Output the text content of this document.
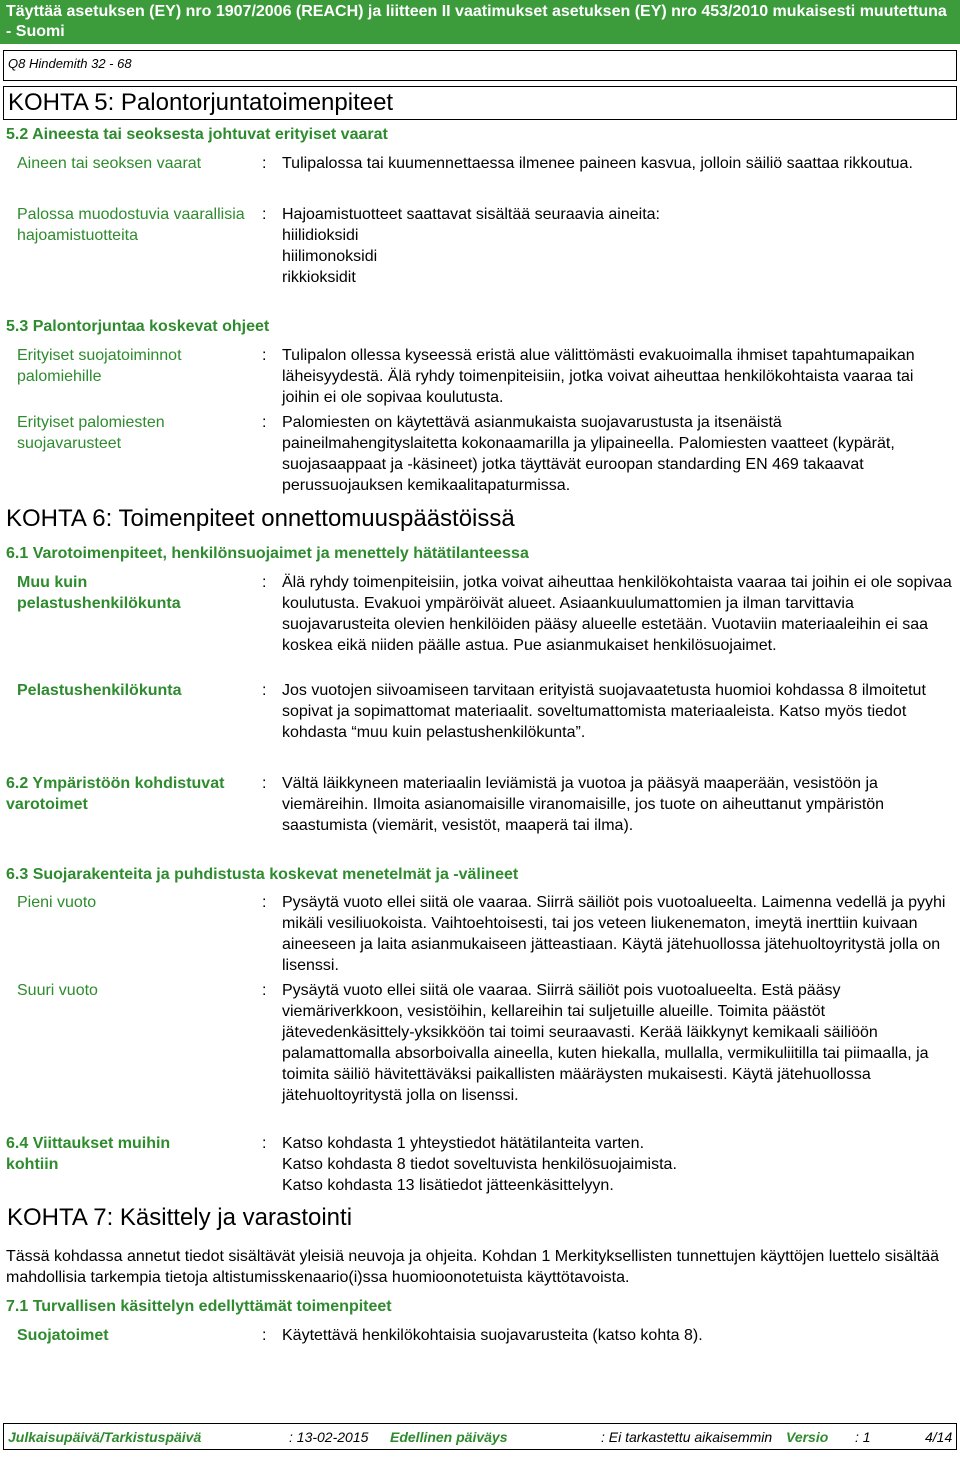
Täyttää asetuksen (EY) nro 1907/2006 (REACH) ja liitteen II vaatimukset asetuksen (EY) nro 453/2010 mukaisesti muutettuna - Suomi
Q8 Hindemith 32 - 68
KOHTA 5: Palontorjuntatoimenpiteet
5.2 Aineesta tai seoksesta johtuvat erityiset vaarat
Aineen tai seoksen vaarat	: Tulipalossa tai kuumennettaessa ilmenee paineen kasvua, jolloin säiliö saattaa rikkoutua.
Palossa muodostuvia vaarallisia hajoamistuotteita
: Hajoamistuotteet saattavat sisältää seuraavia aineita:
hiilidioksidi
hiilimonoksidi
rikkioksidit
5.3 Palontorjuntaa koskevat ohjeet
Erityiset suojatoiminnot palomiehille
: Tulipalon ollessa kyseessä eristä alue välittömästi evakuoimalla ihmiset tapahtumapaikan läheisyydestä. Älä ryhdy toimenpiteisiin, jotka voivat aiheuttaa henkilökohtaista vaaraa tai joihin ei ole sopivaa koulutusta.
Erityiset palomiesten suojavarusteet
: Palomiesten on käytettävä asianmukaista suojavarustusta ja itsenäistä paineilmahengityslaitetta kokonaamarilla ja ylipaineella. Palomiesten vaatteet (kypärät, suojasaappaat ja -käsineet) jotka täyttävät euroopan standarding EN 469 takaavat perussuojauksen kemikaalitapaturmissa.
KOHTA 6: Toimenpiteet onnettomuuspäästöissä
6.1 Varotoimenpiteet, henkilönsuojaimet ja menettely hätätilanteessa
Muu kuin pelastushenkilökunta
: Älä ryhdy toimenpiteisiin, jotka voivat aiheuttaa henkilökohtaista vaaraa tai joihin ei ole sopivaa koulutusta. Evakuoi ympäröivät alueet. Asiaankuulumattomien ja ilman tarvittavia suojavarusteita olevien henkilöiden pääsy alueelle estetään. Vuotaviin materiaaleihin ei saa koskea eikä niiden päälle astua. Pue asianmukaiset henkilösuojaimet.
Pelastushenkilökunta	: Jos vuotojen siivoamiseen tarvitaan erityistä suojavaatetusta huomioi kohdassa 8 ilmoitetut sopivat ja sopimattomat materiaalit. soveltumattomista materiaaleista. Katso myös tiedot kohdasta “muu kuin pelastushenkilökunta”.
6.2 Ympäristöön kohdistuvat varotoimet
: Vältä läikkyneen materiaalin leviämistä ja vuotoa ja pääsyä maaperään, vesistöön ja viemäreihin. Ilmoita asianomaisille viranomaisille, jos tuote on aiheuttanut ympäristön saastumista (viemärit, vesistöt, maaperä tai ilma).
6.3 Suojarakenteita ja puhdistusta koskevat menetelmät ja -välineet
Pieni vuoto	: Pysäytä vuoto ellei siitä ole vaaraa. Siirrä säiliöt pois vuotoalueelta. Laimenna vedellä ja pyyhi mikäli vesiliuokoista. Vaihtoehtoisesti, tai jos veteen liukenematon, imeytä inerttiin kuivaan aineeseen ja laita asianmukaiseen jätteastiaan. Käytä jätehuollossa jätehuoltoyritystä jolla on lisenssi.
Suuri vuoto	: Pysäytä vuoto ellei siitä ole vaaraa. Siirrä säiliöt pois vuotoalueelta. Estä pääsy viemäriverkkoon, vesistöihin, kellareihin tai suljetuille alueille. Toimita päästöt jätevedenkäsittely-yksikköön tai toimi seuraavasti. Kerää läikkynyt kemikaali säiliöön palamattomalla absorboivalla aineella, kuten hiekalla, mullalla, vermikuliitilla tai piimaalla, ja toimita säiliö hävitettäväksi paikallisten määräysten mukaisesti. Käytä jätehuollossa jätehuoltoyritystä jolla on lisenssi.
6.4 Viittaukset muihin kohtiin
: Katso kohdasta 1 yhteystiedot hätätilanteita varten.
Katso kohdasta 8 tiedot soveltuvista henkilösuojaimista.
Katso kohdasta 13 lisätiedot jätteenkäsittelyyn.
KOHTA 7: Käsittely ja varastointi
Tässä kohdassa annetut tiedot sisältävät yleisiä neuvoja ja ohjeita. Kohdan 1 Merkityksellisten tunnettujen käyttöjen luettelo sisältää mahdollisia tarkempia tietoja altistumisskenaario(i)ssa huomioonotetuista käyttötavoista.
7.1 Turvallisen käsittelyn edellyttämät toimenpiteet
Suojatoimet	: Käytettävä henkilökohtaisia suojavarusteita (katso kohta 8).
Julkaisupäivä/Tarkistuspäivä	: 13-02-2015 Edellinen päiväys	: Ei tarkastettu aikaisemmin Versio : 1	4/14
